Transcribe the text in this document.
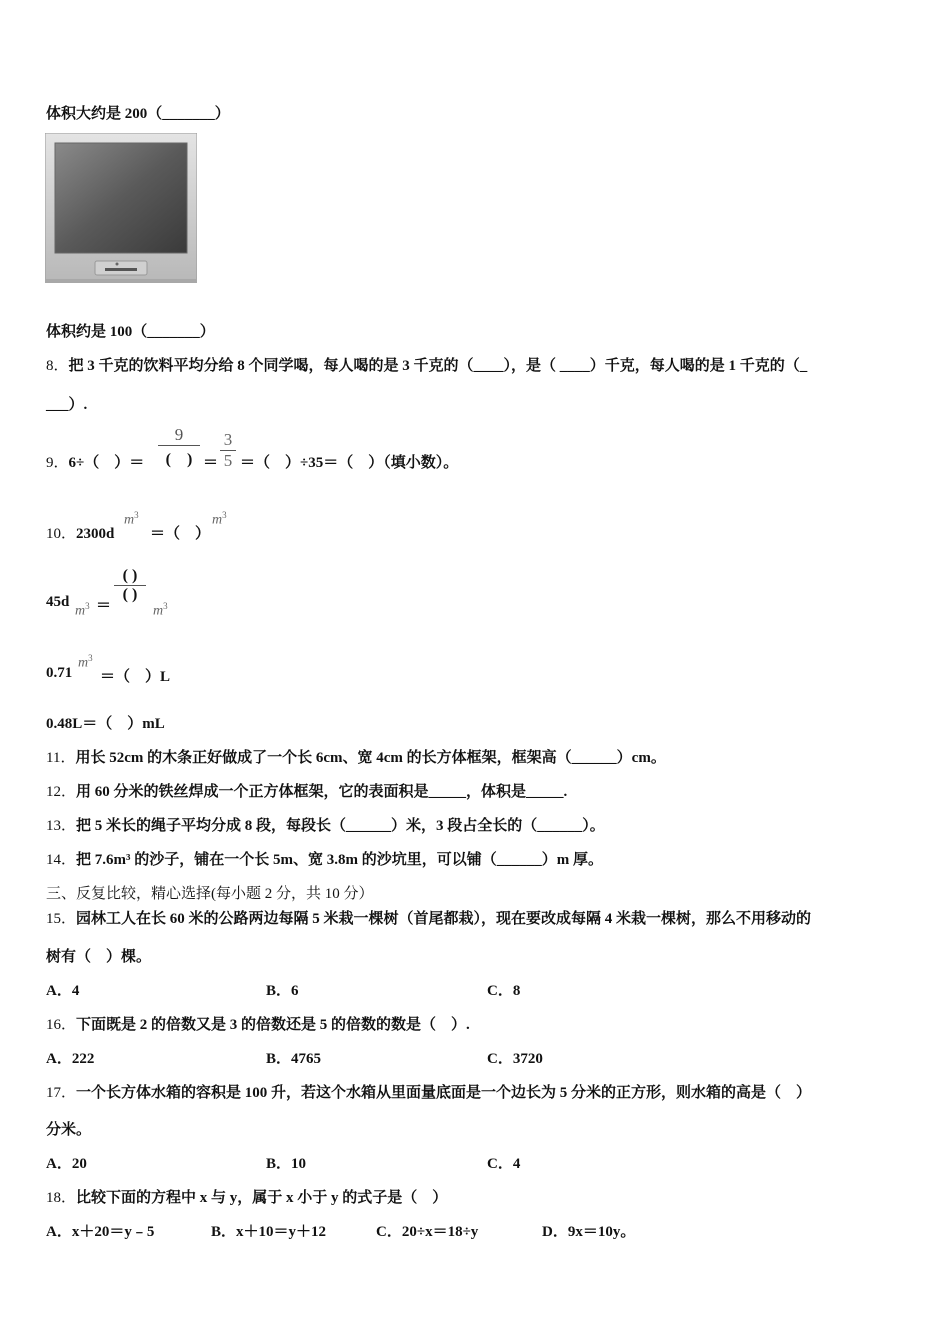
体积大约是 200（_______）
体积约是 100（_______）
8．把 3 千克的饮料平均分给 8 个同学喝，每人喝的是 3 千克的（____），是（ ____）千克，每人喝的是 1 千克的（_
___）.
9．6÷（　）＝
9
(　) ＝ $\frac{3}{5}$ ＝（　）÷35＝（　）（填小数）。
10．2300d
$m^3$
＝（　）
$m^3$
45d
$m^3$ ＝
( )
( )
$m^3$
0.71
$m^3$
＝（　）L
0.48L＝（　）mL
11．用长 52cm 的木条正好做成了一个长 6cm、宽 4cm 的长方体框架，框架高（______）cm。
12．用 60 分米的铁丝焊成一个正方体框架，它的表面积是_____，体积是_____.
13．把 5 米长的绳子平均分成 8 段，每段长（______）米，3 段占全长的（______）。
14．把 7.6m³ 的沙子，铺在一个长 5m、宽 3.8m 的沙坑里，可以铺（______）m 厚。
三、反复比较，精心选择(每小题 2 分，共 10 分）
15．园林工人在长 60 米的公路两边每隔 5 米栽一棵树（首尾都栽），现在要改成每隔 4 米栽一棵树，那么不用移动的
树有（　）棵。
A．4	B．6	C．8
16．下面既是 2 的倍数又是 3 的倍数还是 5 的倍数的数是（　）.
A．222	B．4765	C．3720
17．一个长方体水箱的容积是 100 升，若这个水箱从里面量底面是一个边长为 5 分米的正方形，则水箱的高是（　）
分米。
A．20	B．10	C．4
18．比较下面的方程中 x 与 y，属于 x 小于 y 的式子是（　）
A．x＋20＝y﹣5	B．x＋10＝y＋12	C．20÷x＝18÷y	D．9x＝10y。
